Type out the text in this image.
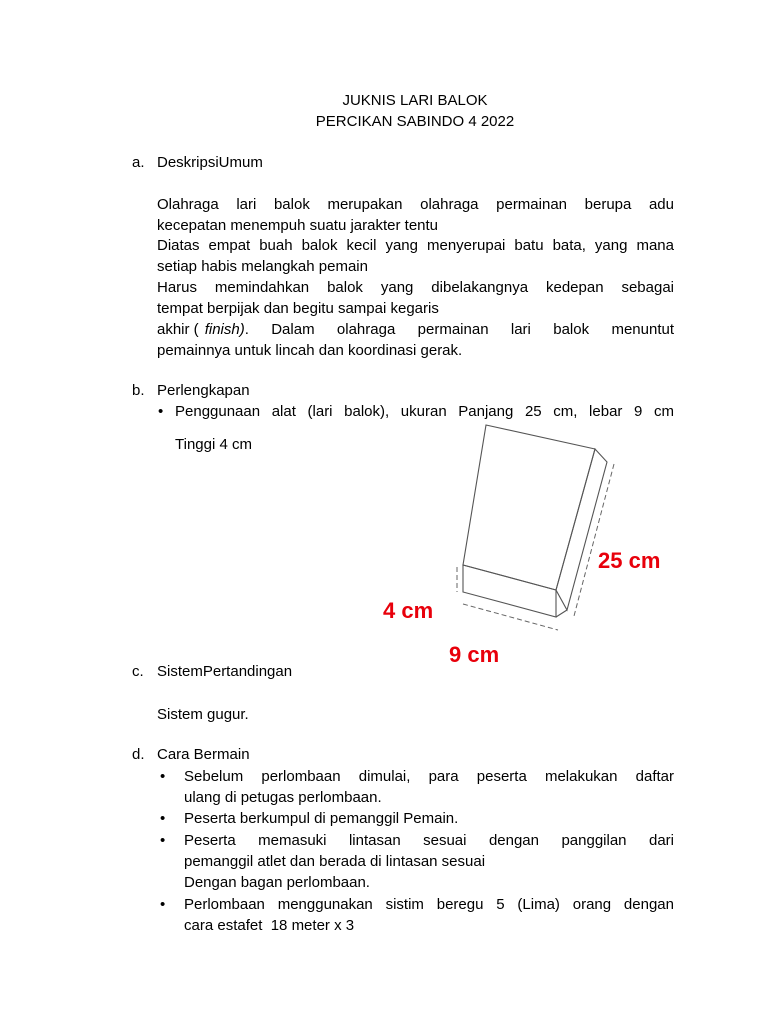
JUKNIS LARI BALOK
PERCIKAN SABINDO 4 2022
a. DeskripsiUmum
Olahraga lari balok merupakan olahraga permainan berupa adu
kecepatan menempuh suatu jarakter tentu
Diatas empat buah balok kecil yang menyerupai batu bata, yang mana
setiap habis melangkah pemain
Harus memindahkan balok yang dibelakangnya kedepan sebagai
tempat berpijak dan begitu sampai kegaris
akhir ( finish) . Dalam olahraga permainan lari balok menuntut
pemainnya untuk lincah dan koordinasi gerak.
b. Perlengkapan
• Penggunaan alat (lari balok), ukuran Panjang 25 cm, lebar 9 cm
Tinggi 4 cm
25 cm
4 cm
9 cm
c. SistemPertandingan
Sistem gugur.
d. Cara Bermain
• Sebelum perlombaan dimulai, para peserta melakukan daftar
ulang di petugas perlombaan.
• Peserta berkumpul di pemanggil Pemain.
• Peserta memasuki lintasan sesuai dengan panggilan dari
pemanggil atlet dan berada di lintasan sesuai
Dengan bagan perlombaan.
• Perlombaan menggunakan sistim beregu 5 (Lima) orang dengan
cara estafet  18 meter x 3
